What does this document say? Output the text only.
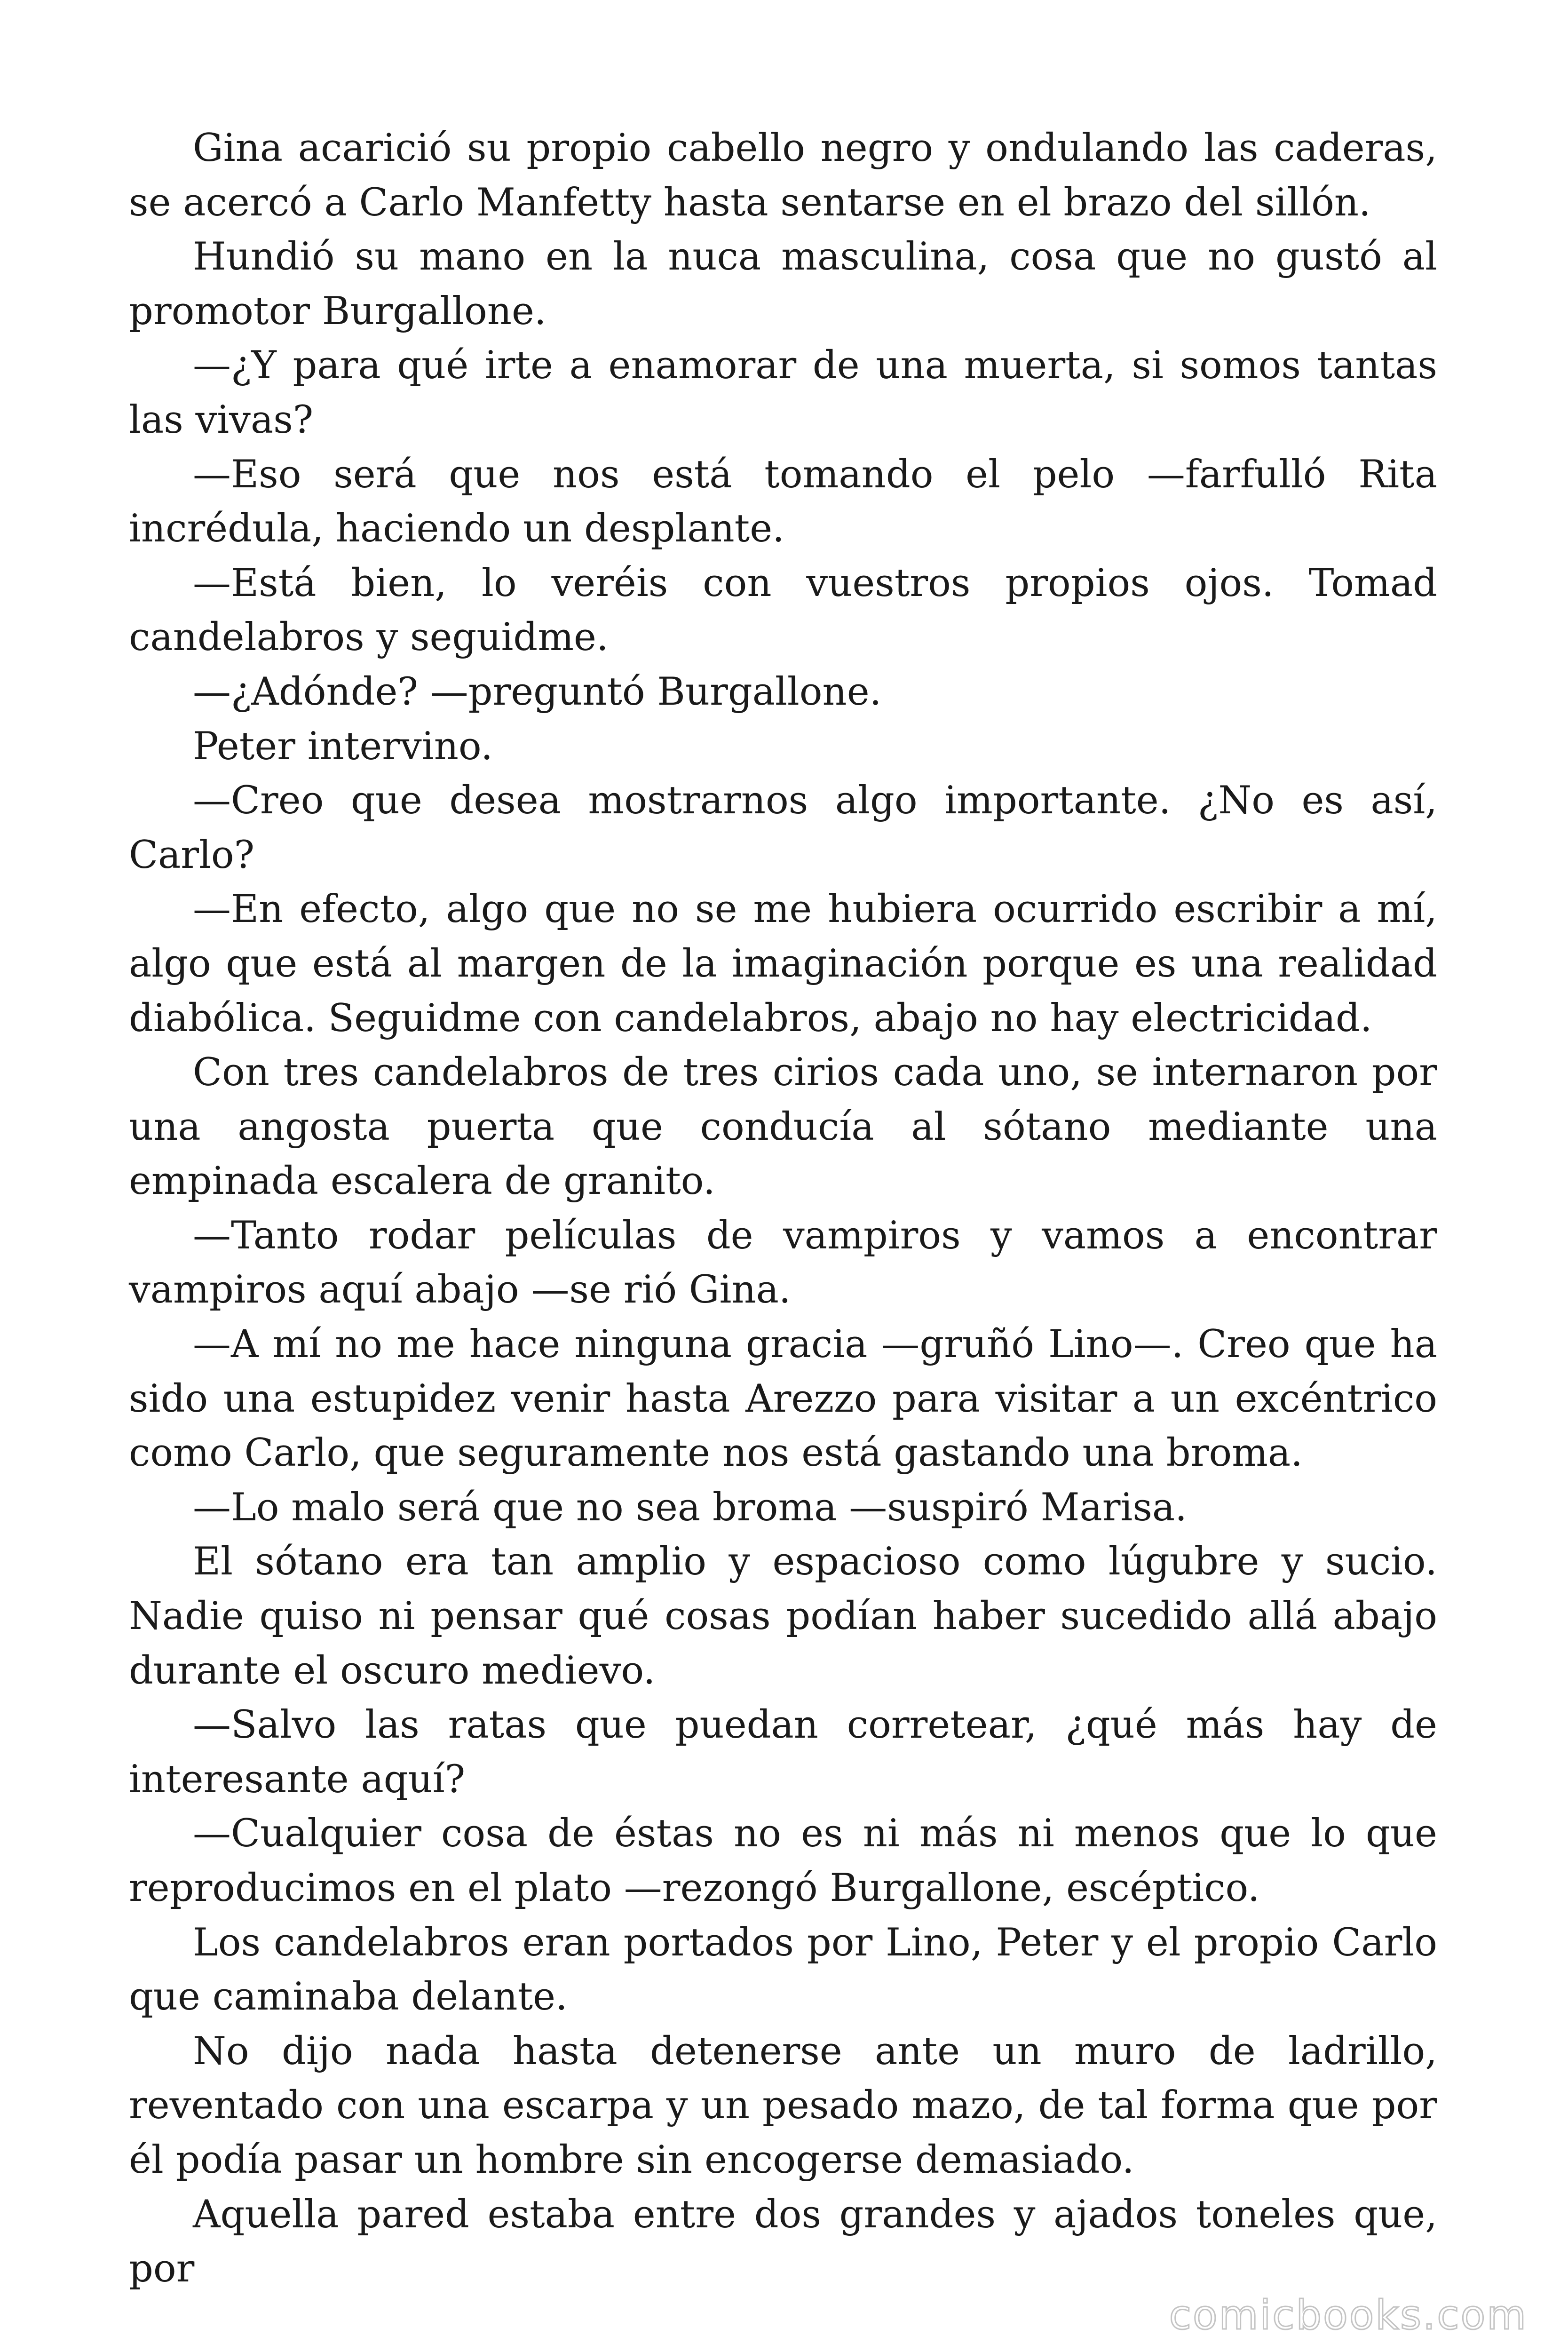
Gina acarició su propio cabello negro y ondulando las caderas, se acercó a Carlo Manfetty hasta sentarse en el brazo del sillón.

Hundió su mano en la nuca masculina, cosa que no gustó al promotor Burgallone.

—¿Y para qué irte a enamorar de una muerta, si somos tantas las vivas?

—Eso será que nos está tomando el pelo —farfulló Rita incrédula, haciendo un desplante.

—Está bien, lo veréis con vuestros propios ojos. Tomad candelabros y seguidme.

—¿Adónde? —preguntó Burgallone.

Peter intervino.

—Creo que desea mostrarnos algo importante. ¿No es así, Carlo?

—En efecto, algo que no se me hubiera ocurrido escribir a mí, algo que está al margen de la imaginación porque es una realidad diabólica. Seguidme con candelabros, abajo no hay electricidad.

Con tres candelabros de tres cirios cada uno, se internaron por una angosta puerta que conducía al sótano mediante una empinada escalera de granito.

—Tanto rodar películas de vampiros y vamos a encontrar vampiros aquí abajo —se rió Gina.

—A mí no me hace ninguna gracia —gruñó Lino—. Creo que ha sido una estupidez venir hasta Arezzo para visitar a un excéntrico como Carlo, que seguramente nos está gastando una broma.

—Lo malo será que no sea broma —suspiró Marisa.

El sótano era tan amplio y espacioso como lúgubre y sucio. Nadie quiso ni pensar qué cosas podían haber sucedido allá abajo durante el oscuro medievo.

—Salvo las ratas que puedan corretear, ¿qué más hay de interesante aquí?

—Cualquier cosa de éstas no es ni más ni menos que lo que reproducimos en el plato —rezongó Burgallone, escéptico.

Los candelabros eran portados por Lino, Peter y el propio Carlo que caminaba delante.

No dijo nada hasta detenerse ante un muro de ladrillo, reventado con una escarpa y un pesado mazo, de tal forma que por él podía pasar un hombre sin encogerse demasiado.

Aquella pared estaba entre dos grandes y ajados toneles que, por

comicbooks.com
